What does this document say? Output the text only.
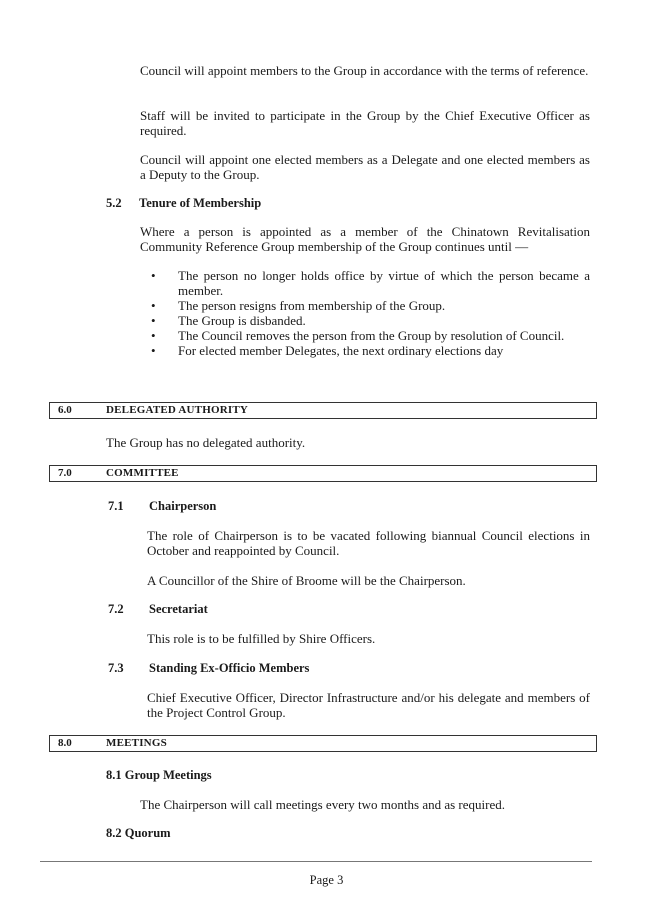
Council will appoint members to the Group in accordance with the terms of reference.
Staff will be invited to participate in the Group by the Chief Executive Officer as required.
Council will appoint one elected members as a Delegate and one elected members as a Deputy to the Group.
5.2 Tenure of Membership
Where a person is appointed as a member of the Chinatown Revitalisation Community Reference Group membership of the Group continues until —
• The person no longer holds office by virtue of which the person became a member.
• The person resigns from membership of the Group.
• The Group is disbanded.
• The Council removes the person from the Group by resolution of Council.
• For elected member Delegates, the next ordinary elections day
6.0	DELEGATED AUTHORITY
The Group has no delegated authority.
7.0	COMMITTEE
7.1 Chairperson
The role of Chairperson is to be vacated following biannual Council elections in October and reappointed by Council.
A Councillor of the Shire of Broome will be the Chairperson.
7.2 Secretariat
This role is to be fulfilled by Shire Officers.
7.3 Standing Ex-Officio Members
Chief Executive Officer, Director Infrastructure and/or his delegate and members of the Project Control Group.
8.0	MEETINGS
8.1 Group Meetings
The Chairperson will call meetings every two months and as required.
8.2 Quorum
Page 3
